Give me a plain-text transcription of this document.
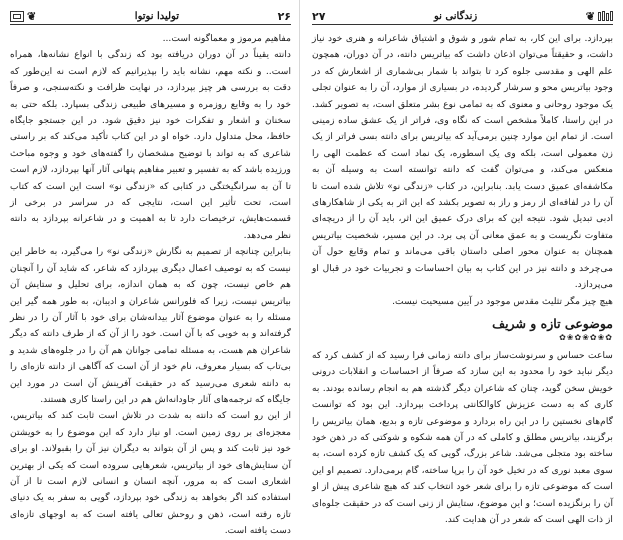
۲۶
تولیدا نوتوا
❦

مفاهیم مرموز و معماگونه است...

دانته یقیناً در آن دوران دریافته بود که زندگی با انواع نشانه‌ها، همراه است.. و نکته مهم، نشانه باید را بپذیرانیم که لازم است نه این‌طور که دقت به بررسی هر چیز بپردازد، در نهایت ظرافت و نکته‌سنجی، و صرفاً خود را به وقایع روزمره و مسیرهای طبیعی زندگی بسپارد. بلکه حتی به سخنان و اشعار و تفکرات خود نیز دقیق شود. در این جستجو جایگاه حافظ، محل متداول دارد. خواه او در این کتاب تأکید می‌کند که بر راستی شاعری که به تواند با توضیح مشخصان را گفته‌های خود و وجوه مباحث ورزیده باشد که به تفسیر و تعبیر مفاهیم پنهانی آثار آنها بپردازد، لازم است تا آن به سرانگیختگی در کتابی که «زندگی نو» است این است که کتاب است، تحت تأثیر این است، نتایجی که در سراسر در برخی از قسمت‌هایش، ترخیصات دارد تا به اهمیت و در شاعرانه بپردازد به دانته نظر می‌دهد.

بنابراین چنانچه از تصمیم به نگارش «زندگی نو» را می‌گیرد، به خاطر این نیست که به توصیف اعمال دیگری بپردازد که شاعر، که شاید آن را آنچنان هم خاص نیست، چون که به همان اندازه، برای تحلیل و ستایش آن بیاتریس نیست، زیرا که فلورانس شاعران و ادیبان، به طور همه گیر این مسئله را به عنوان موضوع آثار بیدانه‌شان برای خود با آثار آن را در نظر گرفته‌اند و به خوبی که با آن است. خود را از آن که از طرف دانته که دیگر شاعران هم هست، به مسئله تمامی جوانان هم آن را در جلوه‌های شدید و بی‌تاب که بسیار معروف، نام خود از آن است که آگاهی از دانته تازه‌ای را به دانته شعری می‌رسید که در حقیقت آفرینش آن است در مورد این جایگاه که ترجمه‌های آثار جاودانه‌اش هم در این راستا کاری هستند.

از این رو است که دانته به شدت در تلاش است ثابت کند که بیاتریس، معجزه‌ای بر روی زمین است. او نیاز دارد که این موضوع را به خویشتن خود نیز ثابت کند و پس از آن بتواند به دیگران نیز آن را بقبولاند. او برای آن ستایش‌های خود از بیاتریس، شعرهایی سروده است که یکی از بهترین اشعاری است که به مرور، آنچه انسان و انسانی لازم است تا از آن استفاده کند اگر بخواهد به زندگی خود بپردازد، گویی به سفر به یک دنیای تازه رفته است، ذهن و روحش تعالی یافته است که به اوجهای تازه‌ای دست یافته است.

❦
زندگانی نو
۲۷

بپردازد. برای این کار، به تمام شور و شوق و اشتیاق شاعرانه و هنری خود نیاز داشت، و حقیقتاً می‌توان اذعان داشت که بیاتریس دانته، در آن دوران، همچون علم الهی و مقدسی جلوه کرد تا بتواند با شمار بی‌شماری از اشعارش که در وجود بیاتریس محو و سرشار گردیده، در بسیاری از موارد، آن را به عنوان تجلی یک موجود روحانی و معنوی که به تمامی نوع بشر متعلق است، به تصویر کشد. در این راستا، کاملاً مشخص است که نگاه وی، فراتر از یک عشق ساده زمینی است. از تمام این موارد چنین برمی‌آید که بیاتریس برای دانته بسی فراتر از یک زن معمولی است، بلکه وی یک اسطوره، یک نماد است که عظمت الهی را منعکس می‌کند، و می‌توان گفت که دانته توانسته است به وسیله آن به مکاشفه‌ای عمیق دست یابد. بنابراین، در کتاب «زندگی نو» تلاش شده است تا آن را در لفافه‌ای از رمز و راز به تصویر بکشد که این اثر به یکی از شاهکارهای ادبی تبدیل شود. نتیجه این که برای درک عمیق این اثر، باید آن را از دریچه‌ای متفاوت نگریست و به عمق معانی آن پی برد. در این مسیر، شخصیت بیاتریس همچنان به عنوان محور اصلی داستان باقی می‌ماند و تمام وقایع حول آن می‌چرخد و دانته نیز در این کتاب به بیان احساسات و تجربیات خود در قبال او می‌پردازد.

هیچ چیز مگر تثلیث مقدس موجود در آیین مسیحیت نیست.

موضوعی تازه و شریف
✿❀✿❀✿❀✿

ساعت حساس و سرنوشت‌ساز برای دانته زمانی فرا رسید که از کشف کرد که دیگر نباید خود را محدود به این سازد که صرفاً از احساسات و انقلابات درونی خویش سخن گوید، چنان که شاعران دیگر گذشته هم به انجام رسانده بودند. به کاری که به دست عزیزش کاوالکانتی پرداخت بپردازد. این بود که توانست گام‌های نخستین را در این راه بردارد و موضوعی تازه و بدیع، همان بیاتریس را برگزیند، بیاتریس مطلق و کاملی که در آن همه شکوه و شوکتی که در ذهن خود ساخته بود متجلی می‌شد. شاعر بزرگ، گویی که یک کشف تازه کرده است، به سوی معبد نوری که در تخیل خود آن را برپا ساخته، گام برمی‌دارد. تصمیم او این است که موضوعی تازه را برای شعر خود انتخاب کند که هیچ شاعری پیش از او آن را برنگزیده است؛ و این موضوع، ستایش از زنی است که در حقیقت جلوه‌ای از ذات الهی است که شعر در آن هدایت کند.
